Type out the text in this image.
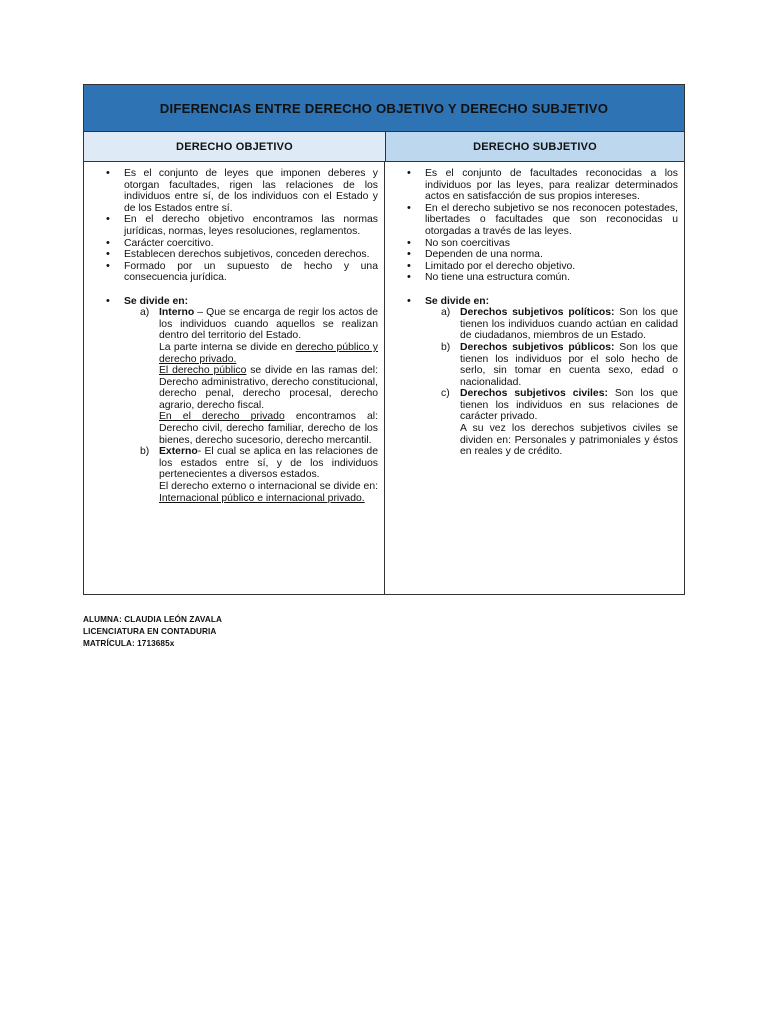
DIFERENCIAS ENTRE DERECHO OBJETIVO Y DERECHO SUBJETIVO
DERECHO OBJETIVO	DERECHO SUBJETIVO
• Es el conjunto de leyes que imponen deberes y otorgan facultades, rigen las relaciones de los individuos entre sí, de los individuos con el Estado y de los Estados entre sí.
• En el derecho objetivo encontramos las normas jurídicas, normas, leyes resoluciones, reglamentos.
• Carácter coercitivo.
• Establecen derechos subjetivos, conceden derechos.
• Formado por un supuesto de hecho y una consecuencia jurídica.
• Se divide en:
a) Interno – Que se encarga de regir los actos de los individuos cuando aquellos se realizan dentro del territorio del Estado.
La parte interna se divide en derecho público y derecho privado.
El derecho público se divide en las ramas del: Derecho administrativo, derecho constitucional, derecho penal, derecho procesal, derecho agrario, derecho fiscal.
En el derecho privado encontramos al: Derecho civil, derecho familiar, derecho de los bienes, derecho sucesorio, derecho mercantil.
b) Externo- El cual se aplica en las relaciones de los estados entre sí, y de los individuos pertenecientes a diversos estados.
El derecho externo o internacional se divide en: Internacional público e internacional privado.
• Es el conjunto de facultades reconocidas a los individuos por las leyes, para realizar determinados actos en satisfacción de sus propios intereses.
• En el derecho subjetivo se nos reconocen potestades, libertades o facultades que son reconocidas u otorgadas a través de las leyes.
• No son coercitivas
• Dependen de una norma.
• Limitado por el derecho objetivo.
• No tiene una estructura común.
• Se divide en:
a) Derechos subjetivos políticos: Son los que tienen los individuos cuando actúan en calidad de ciudadanos, miembros de un Estado.
b) Derechos subjetivos públicos: Son los que tienen los individuos por el solo hecho de serlo, sin tomar en cuenta sexo, edad o nacionalidad.
c) Derechos subjetivos civiles: Son los que tienen los individuos en sus relaciones de carácter privado.
A su vez los derechos subjetivos civiles se dividen en: Personales y patrimoniales y éstos en reales y de crédito.
ALUMNA: CLAUDIA LEÓN ZAVALA
LICENCIATURA EN CONTADURIA
MATRÍCULA: 1713685x
